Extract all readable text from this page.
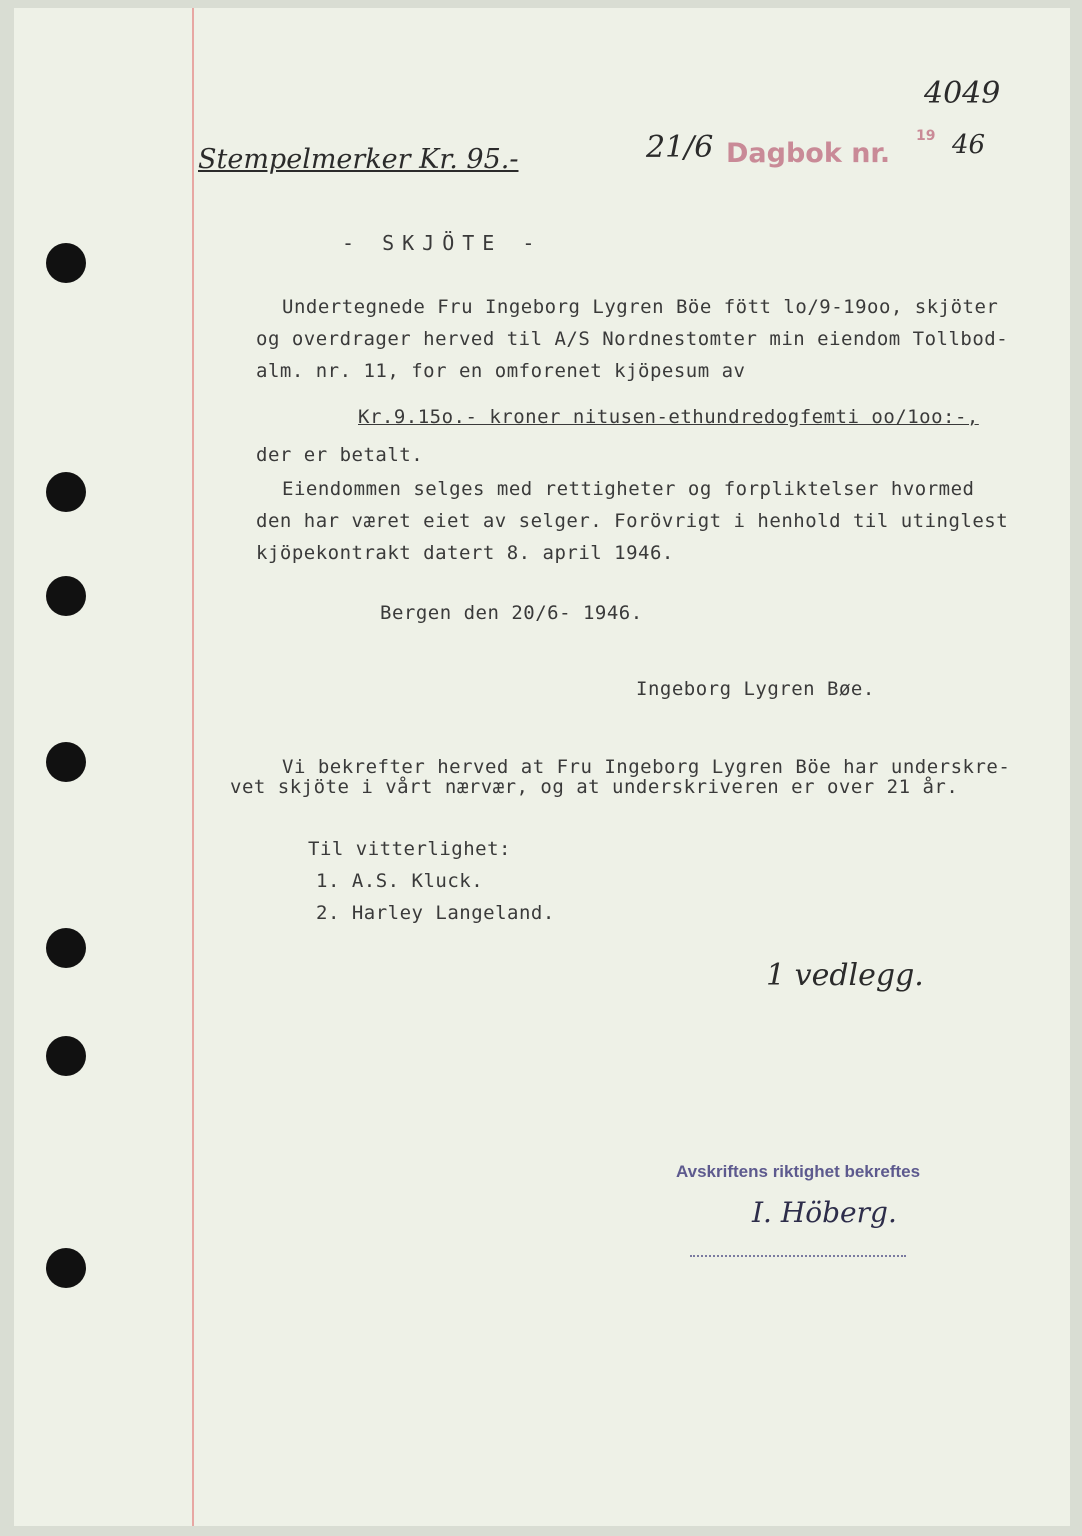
Stempelmerker Kr. 95.-	21/6 Dagbok nr.
4049
19 46
- SKJÖTE -
Undertegnede Fru Ingeborg Lygren Böe fött lo/9-19oo, skjöter
og overdrager herved til A/S Nordnestomter min eiendom Tollbod-
alm. nr. 11, for en omforenet kjöpesum av
Kr.9.15o.- kroner nitusen-ethundredogfemti oo/1oo:-,
der er betalt.
Eiendommen selges med rettigheter og forpliktelser hvormed
den har været eiet av selger. Forövrigt i henhold til utinglest
kjöpekontrakt datert 8. april 1946.
Bergen den 20/6- 1946.
Ingeborg Lygren Bøe.
Vi bekrefter herved at Fru Ingeborg Lygren Böe har underskre-
vet skjöte i vårt nærvær, og at underskriveren er over 21 år.
Til vitterlighet:
1. A.S. Kluck.
2. Harley Langeland.
1 vedlegg.
Avskriftens riktighet bekreftes
I. Höberg.
